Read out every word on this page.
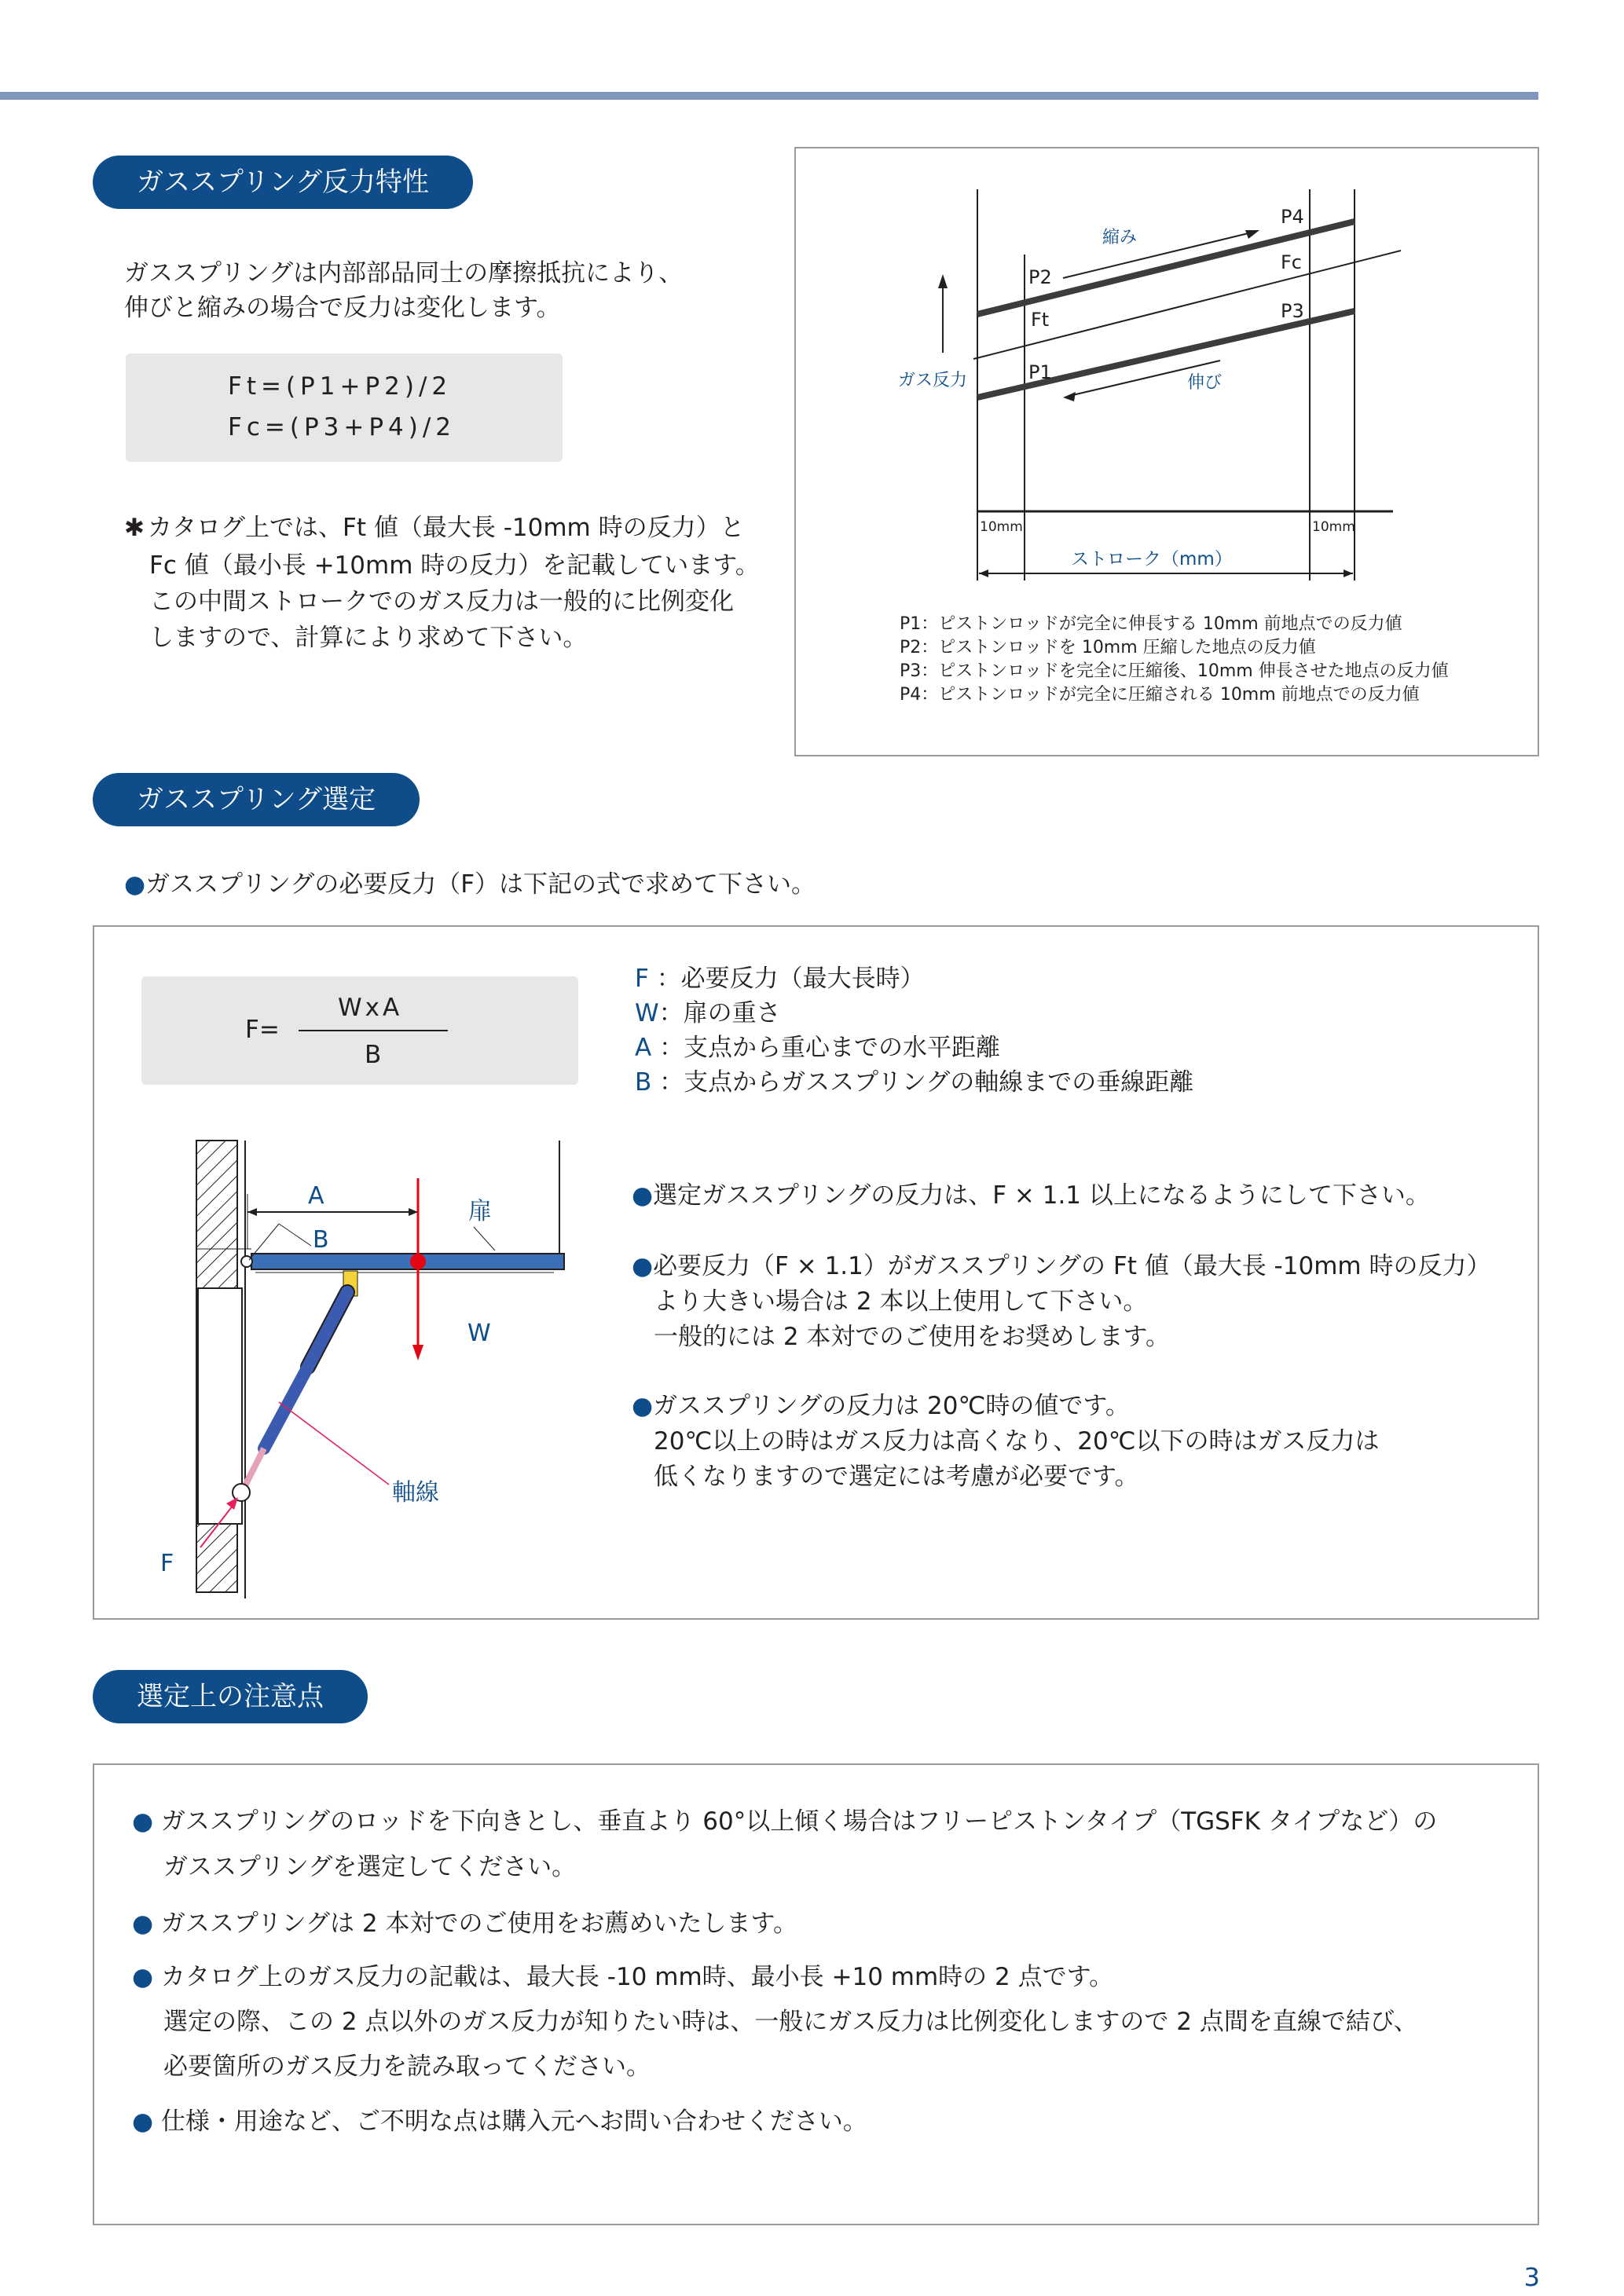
ガススプリング反力特性
ガススプリングは内部部品同士の摩擦抵抗により、
伸びと縮みの場合で反力は変化します。
Ft=(P1+P2)/2
Fc=(P3+P4)/2
✱ カタログ上では、Ft 値（最大長 -10mm 時の反力）と
Fc 値（最小長 +10mm 時の反力）を記載しています。
この中間ストロークでのガス反力は一般的に比例変化
しますので、計算により求めて下さい。
ガス反力
縮み
伸び
P1
P2
P3
P4
Ft
Fc
10mm	10mm
ストローク（mm）
P1：ピストンロッドが完全に伸長する 10mm 前地点での反力値
P2：ピストンロッドを 10mm 圧縮した地点の反力値
P3：ピストンロッドを完全に圧縮後、10mm 伸長させた地点の反力値
P4：ピストンロッドが完全に圧縮される 10mm 前地点での反力値
ガススプリング選定
●ガススプリングの必要反力（F）は下記の式で求めて下さい。
F=
WxA
B
F ：必要反力（最大長時）
W：扉の重さ
A ：支点から重心までの水平距離
B ：支点からガススプリングの軸線までの垂線距離
A
B
扉
W
軸線
F
●選定ガススプリングの反力は、F × 1.1 以上になるようにして下さい。
●必要反力（F × 1.1）がガススプリングの Ft 値（最大長 -10mm 時の反力）
より大きい場合は 2 本以上使用して下さい。
一般的には 2 本対でのご使用をお奨めします。
●ガススプリングの反力は 20℃時の値です。
20℃以上の時はガス反力は高くなり、20℃以下の時はガス反力は
低くなりますので選定には考慮が必要です。
選定上の注意点
● ガススプリングのロッドを下向きとし、垂直より 60°以上傾く場合はフリーピストンタイプ（TGSFK タイプなど）の
ガススプリングを選定してください。
● ガススプリングは 2 本対でのご使用をお薦めいたします。
● カタログ上のガス反力の記載は、最大長 -10 mm時、最小長 +10 mm時の 2 点です。
選定の際、この 2 点以外のガス反力が知りたい時は、一般にガス反力は比例変化しますので 2 点間を直線で結び、
必要箇所のガス反力を読み取ってください。
● 仕様・用途など、ご不明な点は購入元へお問い合わせください。
3
